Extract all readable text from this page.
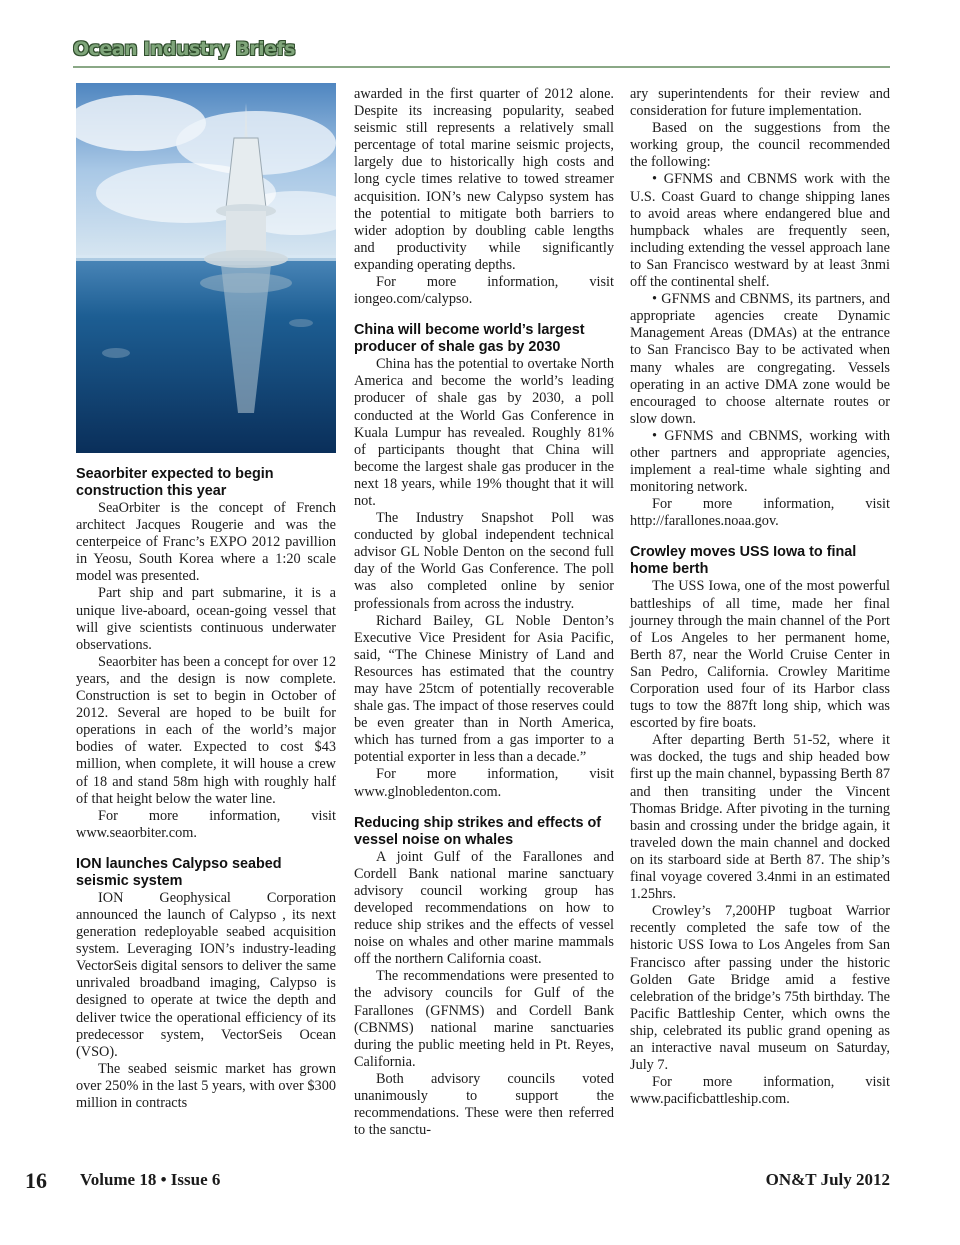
Ocean Industry Briefs
Seaorbiter expected to begin construction this year

SeaOrbiter is the concept of French architect Jacques Rougerie and was the centerpeice of Franc’s EXPO 2012 pavillion in Yeosu, South Korea where a 1:20 scale model was presented.

Part ship and part submarine, it is a unique live-aboard, ocean-going vessel that will give scientists continuous underwater observations.

Seaorbiter has been a concept for over 12 years, and the design is now complete. Construction is set to begin in October of 2012. Several are hoped to be built for operations in each of the world’s major bodies of water. Expected to cost $43 million, when complete, it will house a crew of 18 and stand 58m high with roughly half of that height below the water line.

For more information, visit www.seaorbiter.com.

ION launches Calypso seabed seismic system

ION Geophysical Corporation announced the launch of Calypso , its next generation redeployable seabed acquisition system. Leveraging ION’s industry-leading VectorSeis digital sensors to deliver the same unrivaled broadband imaging, Calypso is designed to operate at twice the depth and deliver twice the operational efficiency of its predecessor system, VectorSeis Ocean (VSO).

The seabed seismic market has grown over 250% in the last 5 years, with over $300 million in contracts

awarded in the first quarter of 2012 alone. Despite its increasing popularity, seabed seismic still represents a relatively small percentage of total marine seismic projects, largely due to historically high costs and long cycle times relative to towed streamer acquisition. ION’s new Calypso system has the potential to mitigate both barriers to wider adoption by doubling cable lengths and productivity while significantly expanding operating depths.

For more information, visit iongeo.com/calypso.

China will become world’s largest producer of shale gas by 2030

China has the potential to overtake North America and become the world’s leading producer of shale gas by 2030, a poll conducted at the World Gas Conference in Kuala Lumpur has revealed. Roughly 81% of participants thought that China will become the largest shale gas producer in the next 18 years, while 19% thought that it will not.

The Industry Snapshot Poll was conducted by global independent technical advisor GL Noble Denton on the second full day of the World Gas Conference. The poll was also completed online by senior professionals from across the industry.

Richard Bailey, GL Noble Denton’s Executive Vice President for Asia Pacific, said, “The Chinese Ministry of Land and Resources has estimated that the country may have 25tcm of potentially recoverable shale gas. The impact of those reserves could be even greater than in North America, which has turned from a gas importer to a potential exporter in less than a decade.”

For more information, visit www.glnobledenton.com.

Reducing ship strikes and effects of vessel noise on whales

A joint Gulf of the Farallones and Cordell Bank national marine sanctuary advisory council working group has developed recommendations on how to reduce ship strikes and the effects of vessel noise on whales and other marine mammals off the northern California coast.

The recommendations were presented to the advisory councils for Gulf of the Farallones (GFNMS) and Cordell Bank (CBNMS) national marine sanctuaries during the public meeting held in Pt. Reyes, California.

Both advisory councils voted unanimously to support the recommendations. These were then referred to the sanctu-

ary superintendents for their review and consideration for future implementation.

Based on the suggestions from the working group, the council recommended the following:

• GFNMS and CBNMS work with the U.S. Coast Guard to change shipping lanes to avoid areas where endangered blue and humpback whales are frequently seen, including extending the vessel approach lane to San Francisco westward by at least 3nmi off the continental shelf.

• GFNMS and CBNMS, its partners, and appropriate agencies create Dynamic Management Areas (DMAs) at the entrance to San Francisco Bay to be activated when many whales are congregating. Vessels operating in an active DMA zone would be encouraged to choose alternate routes or slow down.

• GFNMS and CBNMS, working with other partners and appropriate agencies, implement a real-time whale sighting and monitoring network.

For more information, visit http://farallones.noaa.gov.

Crowley moves USS Iowa to final home berth

The USS Iowa, one of the most powerful battleships of all time, made her final journey through the main channel of the Port of Los Angeles to her permanent home, Berth 87, near the World Cruise Center in San Pedro, California. Crowley Maritime Corporation used four of its Harbor class tugs to tow the 887ft long ship, which was escorted by fire boats.

After departing Berth 51-52, where it was docked, the tugs and ship headed bow first up the main channel, bypassing Berth 87 and then transiting under the Vincent Thomas Bridge. After pivoting in the turning basin and crossing under the bridge again, it traveled down the main channel and docked on its starboard side at Berth 87. The ship’s final voyage covered 3.4nmi in an estimated 1.25hrs.

Crowley’s 7,200HP tugboat Warrior recently completed the safe tow of the historic USS Iowa to Los Angeles from San Francisco after passing under the historic Golden Gate Bridge amid a festive celebration of the bridge’s 75th birthday. The Pacific Battleship Center, which owns the ship, celebrated its public grand opening as an interactive naval museum on Saturday, July 7.

For more information, visit www.pacificbattleship.com.

16 Volume 18 • Issue 6	ON&T July 2012
